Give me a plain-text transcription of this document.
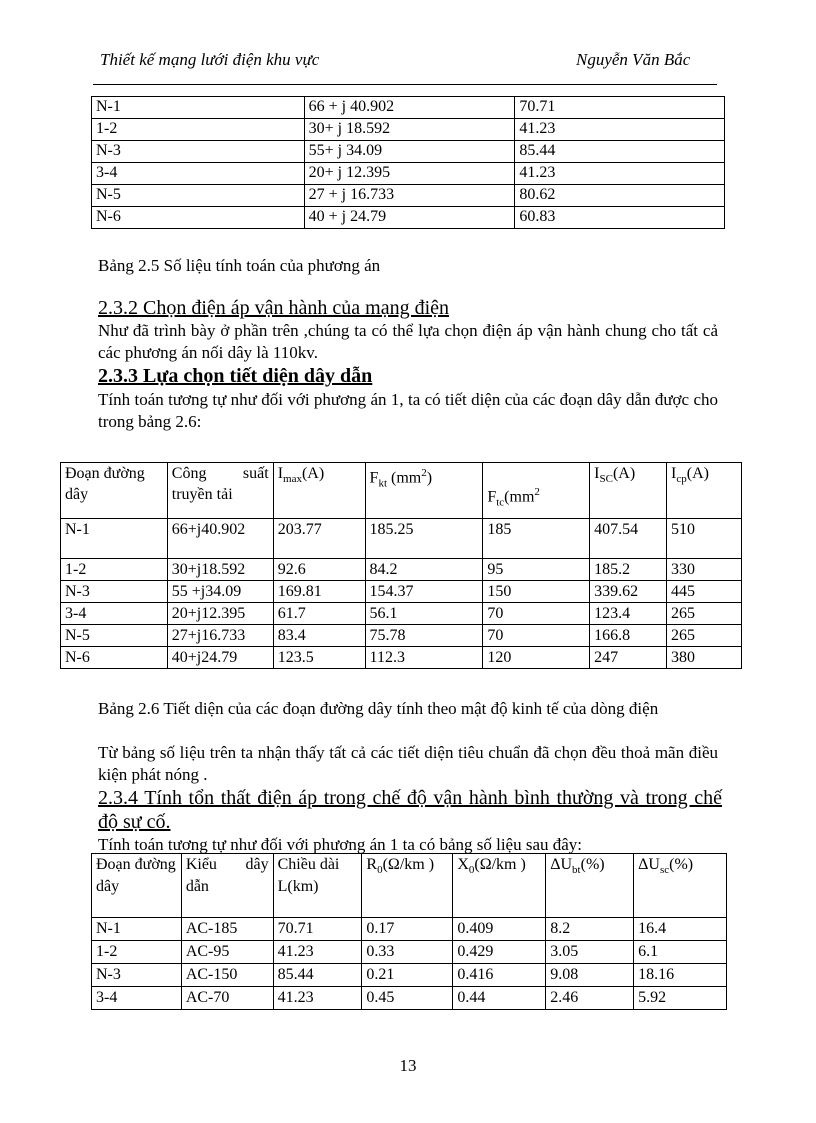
Thiết kế mạng lưới điện khu vực	Nguyễn Văn Bắc
N-1	66 + j 40.902	70.71
1-2	30+ j 18.592	41.23
N-3	55+ j 34.09	85.44
3-4	20+ j 12.395	41.23
N-5	27 + j 16.733	80.62
N-6	40 + j 24.79	60.83
Bảng 2.5 Số liệu tính toán của phương án
2.3.2 Chọn điện áp vận hành của mạng điện
Như đã trình bày ở phần trên ,chúng ta có thể lựa chọn điện áp vận hành chung cho tất cả các phương án nối dây là 110kv.
2.3.3 Lựa chọn tiết diện dây dẫn
Tính toán tương tự như đối với phương án 1, ta có tiết diện của các đoạn dây dẫn được cho trong bảng 2.6:
Đoạn đường dây	Công suất truyền tải	$I_{max}(A)$	$F_{kt}$ $(mm^2)$	$F_{tc}(mm^2$	$I_{SC}(A)$	$I_{cp}(A)$
N-1	66+j40.902	203.77	185.25	185	407.54	510
1-2	30+j18.592	92.6	84.2	95	185.2	330
N-3	55 +j34.09	169.81	154.37	150	339.62	445
3-4	20+j12.395	61.7	56.1	70	123.4	265
N-5	27+j16.733	83.4	75.78	70	166.8	265
N-6	40+j24.79	123.5	112.3	120	247	380
Bảng 2.6 Tiết diện của các đoạn đường dây tính theo mật độ kinh tế của dòng điện
Từ bảng số liệu trên ta nhận thấy tất cả các tiết diện tiêu chuẩn đã chọn đều thoả mãn điều kiện phát nóng .
2.3.4 Tính tổn thất điện áp trong chế độ vận hành bình thường và trong chế độ sự cố.
Tính toán tương tự như đối với phương án 1 ta có bảng số liệu sau đây:
Đoạn đường dây	Kiểu dây dẫn	Chiều dài L(km)	$R_0(\Omega/km$ )	$X_0(\Omega/km$ )	$\Delta U_{bt}(\%)$	$\Delta U_{sc}(\%)$
N-1	AC-185	70.71	0.17	0.409	8.2	16.4
1-2	AC-95	41.23	0.33	0.429	3.05	6.1
N-3	AC-150	85.44	0.21	0.416	9.08	18.16
3-4	AC-70	41.23	0.45	0.44	2.46	5.92
13
